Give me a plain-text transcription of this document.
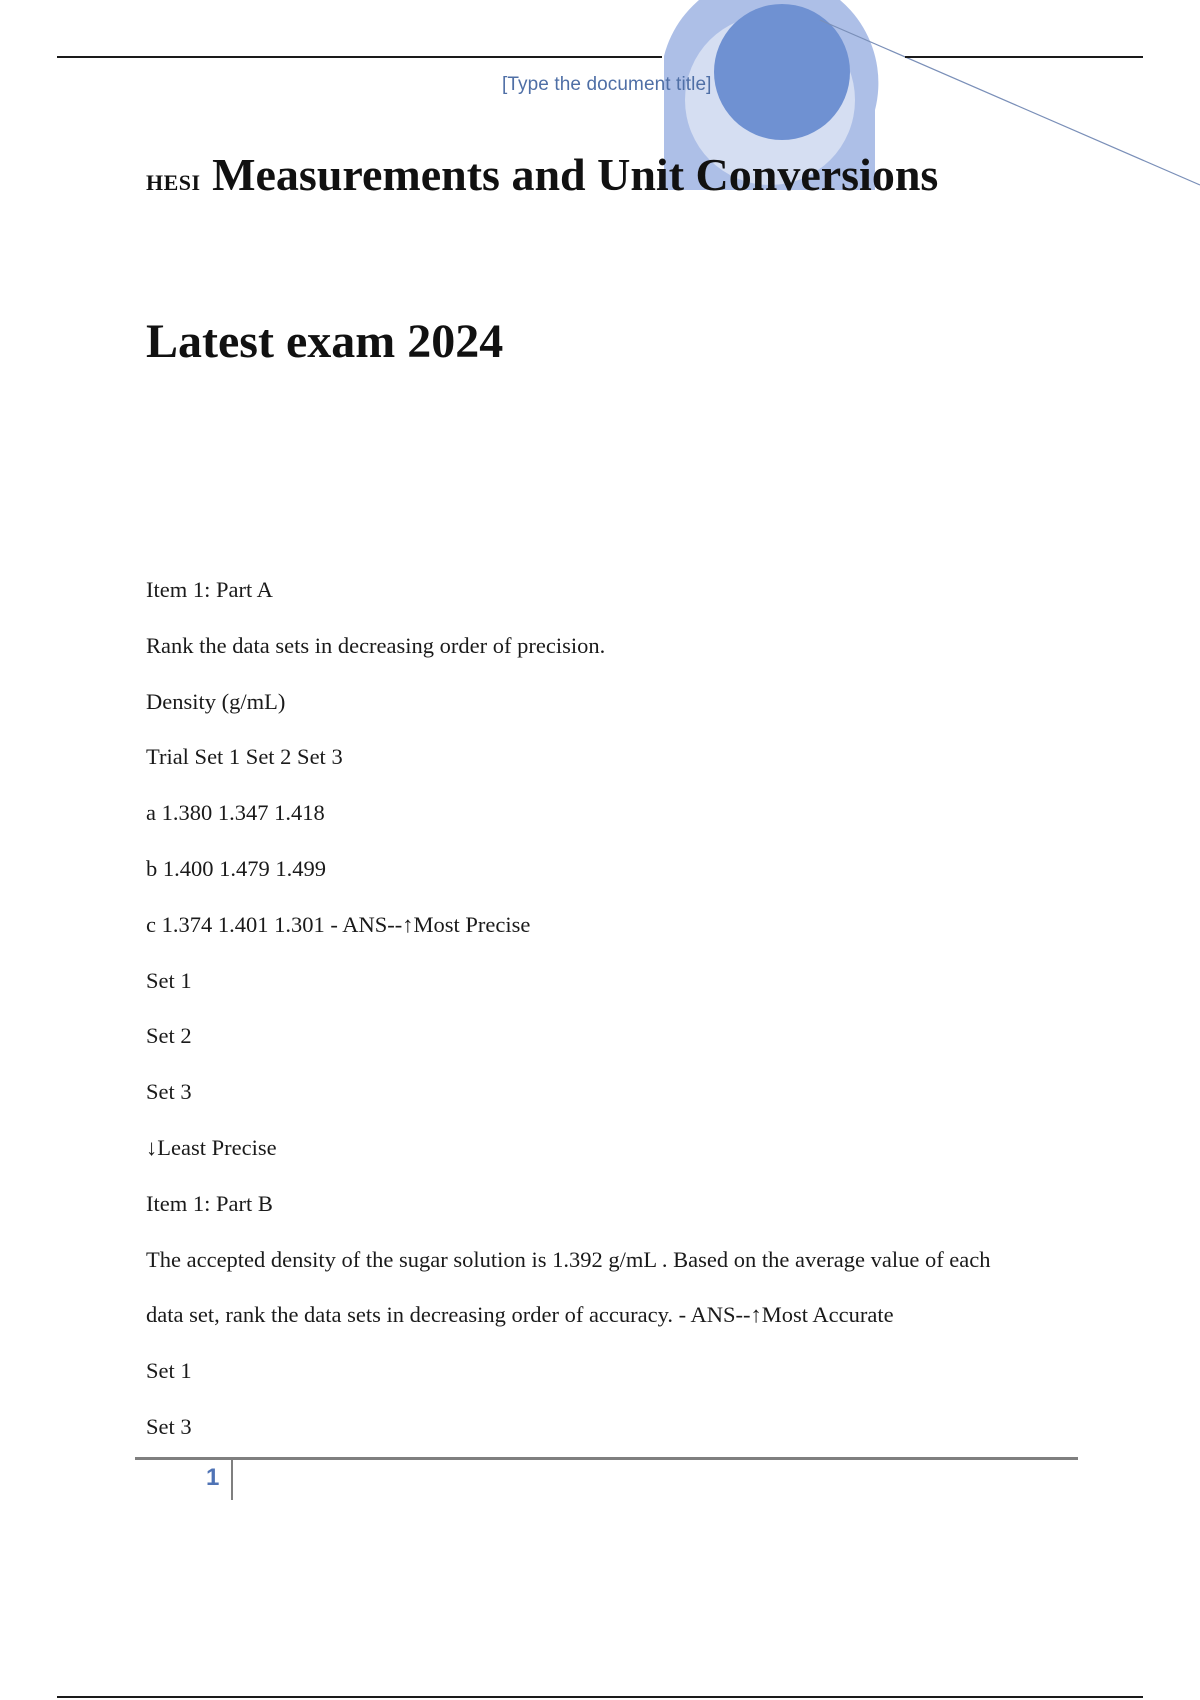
[Type the document title]
HESI Measurements and Unit Conversions
Latest exam 2024
Item 1: Part A
Rank the data sets in decreasing order of precision.
Density (g/mL)
Trial Set 1 Set 2 Set 3
a 1.380 1.347 1.418
b 1.400 1.479 1.499
c 1.374 1.401 1.301 - ANS--↑Most Precise
Set 1
Set 2
Set 3
↓Least Precise
Item 1: Part B
The accepted density of the sugar solution is 1.392 g/mL . Based on the average value of each
data set, rank the data sets in decreasing order of accuracy. - ANS--↑Most Accurate
Set 1
Set 3
1
